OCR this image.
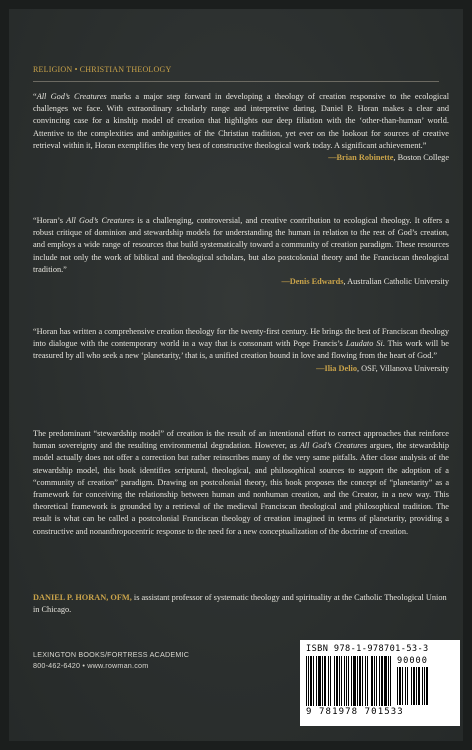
RELIGION • CHRISTIAN THEOLOGY

“All God’s Creatures marks a major step forward in developing a theology of creation responsive to the ecological challenges we face. With extraordinary scholarly range and interpretive daring, Daniel P. Horan makes a clear and convincing case for a kinship model of creation that highlights our deep filiation with the ‘other-than-human’ world. Attentive to the complexities and ambiguities of the Christian tradition, yet ever on the lookout for sources of creative retrieval within it, Horan exemplifies the very best of constructive theological work today. A significant achievement.”

—Brian Robinette, Boston College

“Horan’s All God’s Creatures is a challenging, controversial, and creative contribution to ecological theology. It offers a robust critique of dominion and stewardship models for understanding the human in relation to the rest of God’s creation, and employs a wide range of resources that build systematically toward a community of creation paradigm. These resources include not only the work of biblical and theological scholars, but also postcolonial theory and the Franciscan theological tradition.”

—Denis Edwards, Australian Catholic University

“Horan has written a comprehensive creation theology for the twenty-first century. He brings the best of Franciscan theology into dialogue with the contemporary world in a way that is consonant with Pope Francis’s Laudato Si. This work will be treasured by all who seek a new ‘planetarity,’ that is, a unified creation bound in love and flowing from the heart of God.”

—Ilia Delio, OSF, Villanova University
The predominant “stewardship model” of creation is the result of an intentional effort to correct approaches that reinforce human sovereignty and the resulting environmental degradation. However, as All God’s Creatures argues, the stewardship model actually does not offer a correction but rather reinscribes many of the very same pitfalls. After close analysis of the stewardship model, this book identifies scriptural, theological, and philosophical sources to support the adoption of a “community of creation” paradigm. Drawing on postcolonial theory, this book proposes the concept of “planetarity” as a framework for conceiving the relationship between human and nonhuman creation, and the Creator, in a new way. This theoretical framework is grounded by a retrieval of the medieval Franciscan theological and philosophical tradition. The result is what can be called a postcolonial Franciscan theology of creation imagined in terms of planetarity, providing a constructive and nonanthropocentric response to the need for a new conceptualization of the doctrine of creation.
DANIEL P. HORAN, OFM, is assistant professor of systematic theology and spirituality at the Catholic Theological Union in Chicago.
LEXINGTON BOOKS/FORTRESS ACADEMIC
800-462-6420 • www.rowman.com
ISBN 978-1-978701-53-3
90000
9 781978 701533
